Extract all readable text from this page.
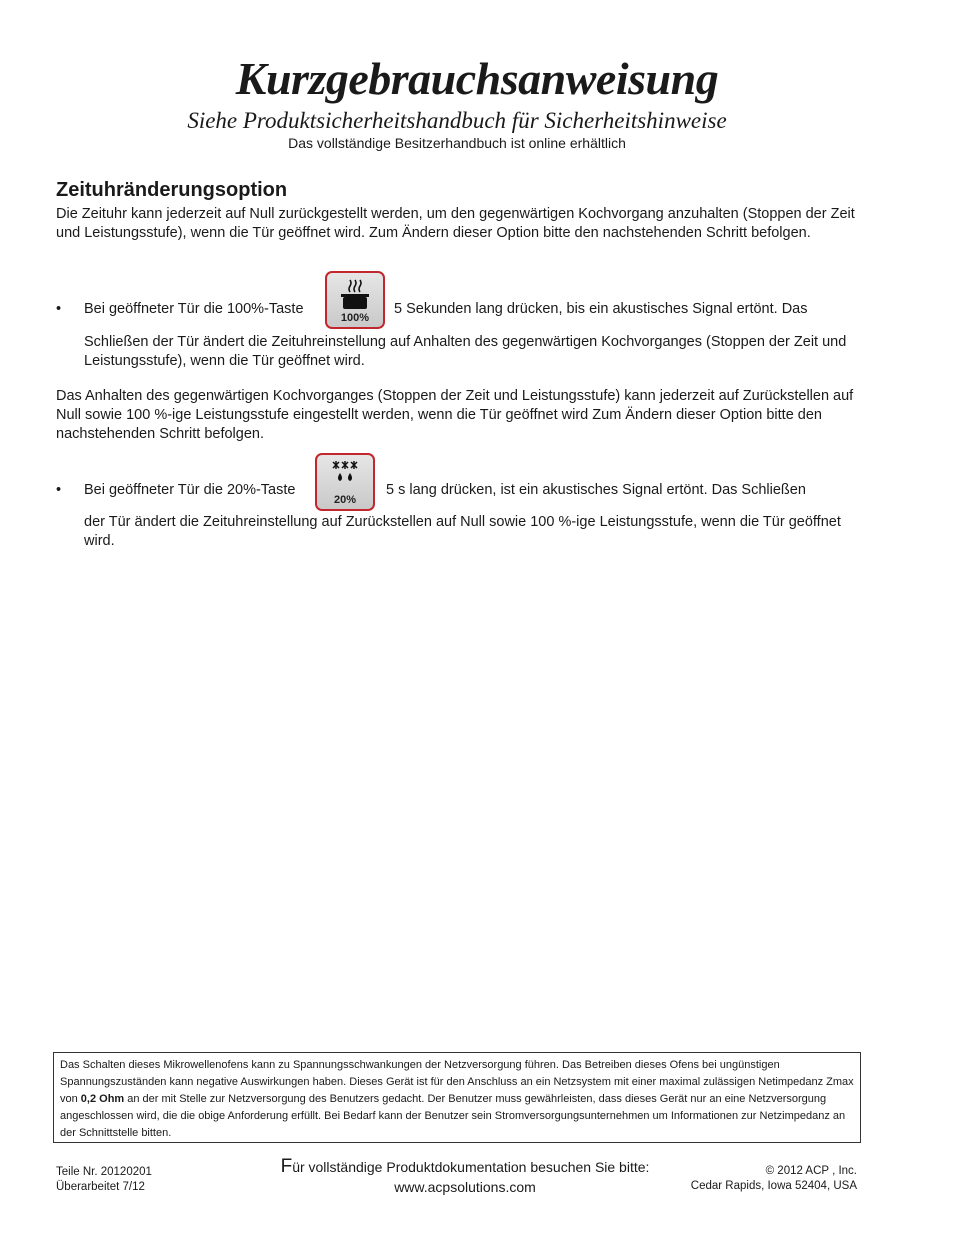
Kurzgebrauchsanweisung
Siehe Produktsicherheitshandbuch für Sicherheitshinweise
Das vollständige Besitzerhandbuch ist online erhältlich
Zeituhränderungsoption

Die Zeituhr kann jederzeit auf Null zurückgestellt werden, um den gegenwärtigen Kochvorgang anzuhalten (Stoppen der Zeit und Leistungsstufe), wenn die Tür geöffnet wird. Zum Ändern dieser Option bitte den nachstehenden Schritt befolgen.

• Bei geöffneter Tür die 100%-Taste	5 Sekunden lang drücken, bis ein akustisches Signal ertönt. Das
100%

Schließen der Tür ändert die Zeituhreinstellung auf Anhalten des gegenwärtigen Kochvorganges (Stoppen der Zeit und Leistungsstufe), wenn die Tür geöffnet wird.

Das Anhalten des gegenwärtigen Kochvorganges (Stoppen der Zeit und Leistungsstufe) kann jederzeit auf Zurückstellen auf Null sowie 100 %-ige Leistungsstufe eingestellt werden, wenn die Tür geöffnet wird Zum Ändern dieser Option bitte den nachstehenden Schritt befolgen.

• Bei geöffneter Tür die 20%-Taste	5 s lang drücken, ist ein akustisches Signal ertönt. Das Schließen
20%

der Tür ändert die Zeituhreinstellung auf Zurückstellen auf Null sowie 100 %-ige Leistungsstufe, wenn die Tür geöffnet wird.

Das Schalten dieses Mikrowellenofens kann zu Spannungsschwankungen der Netzversorgung führen. Das Betreiben dieses Ofens bei ungünstigen Spannungszuständen kann negative Auswirkungen haben. Dieses Gerät ist für den Anschluss an ein Netzsystem mit einer maximal zulässigen Netimpedanz Zmax von 0,2 Ohm an der mit Stelle zur Netzversorgung des Benutzers gedacht. Der Benutzer muss gewährleisten, dass dieses Gerät nur an eine Netzversorgung angeschlossen wird, die die obige Anforderung erfüllt. Bei Bedarf kann der Benutzer sein Stromversorgungsunternehmen um Informationen zur Netzimpedanz an der Schnittstelle bitten.

Teile Nr. 20120201
Überarbeitet 7/12
Für vollständige Produktdokumentation besuchen Sie bitte:
www.acpsolutions.com
© 2012 ACP , Inc.
Cedar Rapids, Iowa 52404, USA
